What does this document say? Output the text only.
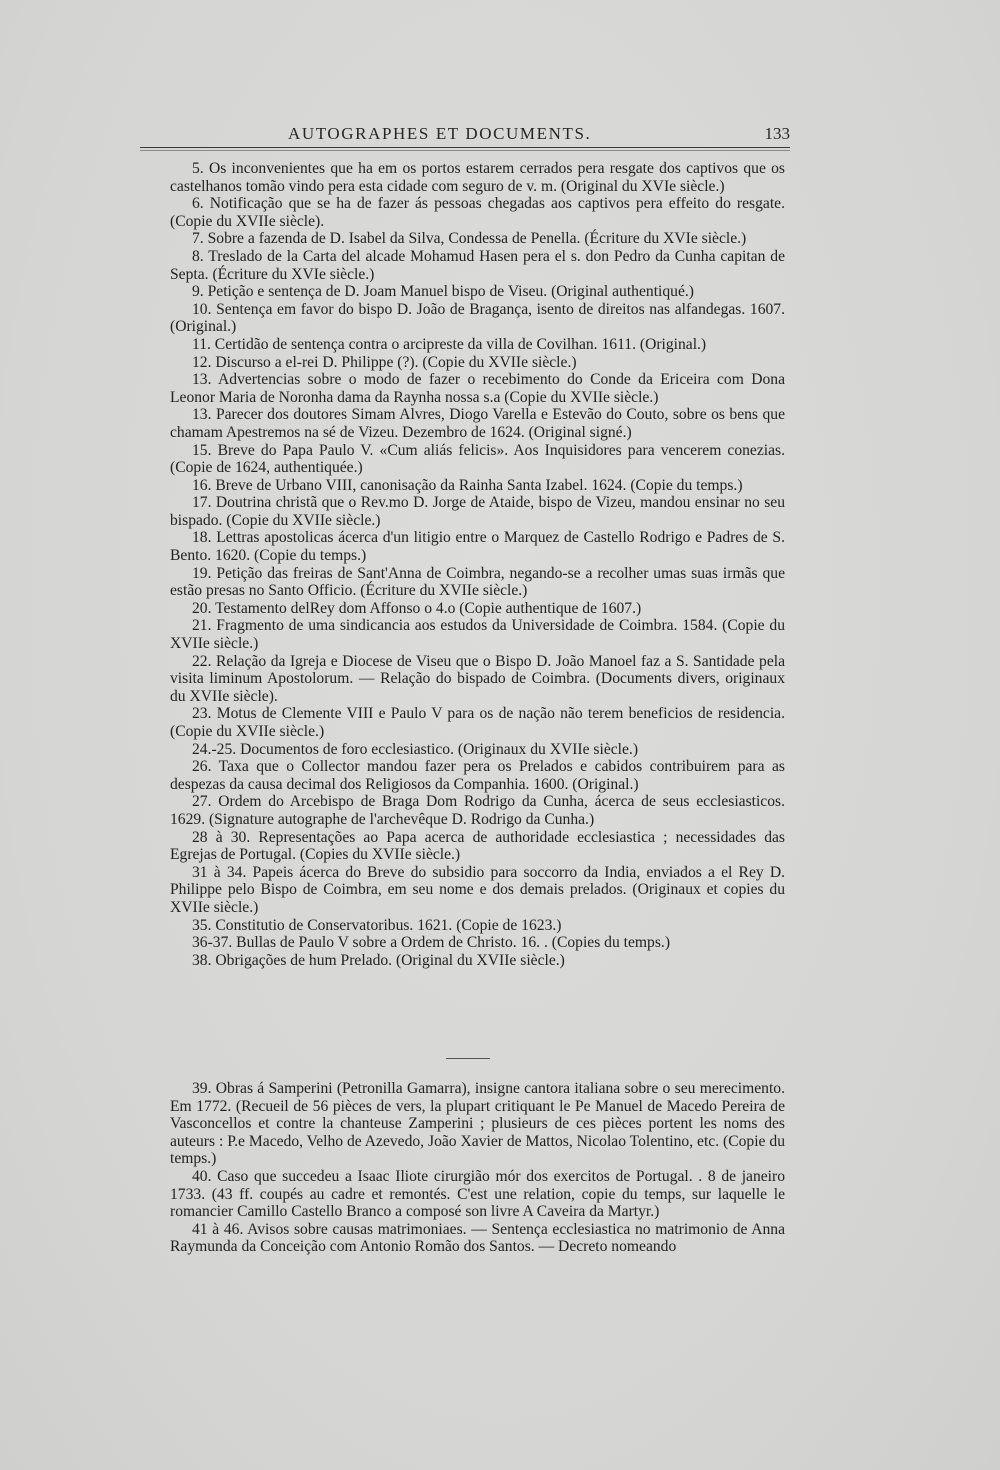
AUTOGRAPHES ET DOCUMENTS.	133

5. Os inconvenientes que ha em os portos estarem cerrados pera resgate dos captivos que os castelhanos tomão vindo pera esta cidade com seguro de v. m. (Original du XVIe siècle.)

6. Notificação que se ha de fazer ás pessoas chegadas aos captivos pera effeito do resgate. (Copie du XVIIe siècle).

7. Sobre a fazenda de D. Isabel da Silva, Condessa de Penella. (Écriture du XVIe siècle.)

8. Treslado de la Carta del alcade Mohamud Hasen pera el s. don Pedro da Cunha capitan de Septa. (Écriture du XVIe siècle.)

9. Petição e sentença de D. Joam Manuel bispo de Viseu. (Original authentiqué.)

10. Sentença em favor do bispo D. João de Bragança, isento de direitos nas alfandegas. 1607. (Original.)

11. Certidão de sentença contra o arcipreste da villa de Covilhan. 1611. (Original.)

12. Discurso a el-rei D. Philippe (?). (Copie du XVIIe siècle.)

13. Advertencias sobre o modo de fazer o recebimento do Conde da Ericeira com Dona Leonor Maria de Noronha dama da Raynha nossa s.a (Copie du XVIIe siècle.)

13. Parecer dos doutores Simam Alvres, Diogo Varella e Estevão do Couto, sobre os bens que chamam Apestremos na sé de Vizeu. Dezembro de 1624. (Original signé.)

15. Breve do Papa Paulo V. «Cum aliás felicis». Aos Inquisidores para vencerem conezias. (Copie de 1624, authentiquée.)

16. Breve de Urbano VIII, canonisação da Rainha Santa Izabel. 1624. (Copie du temps.)

17. Doutrina christã que o Rev.mo D. Jorge de Ataide, bispo de Vizeu, mandou ensinar no seu bispado. (Copie du XVIIe siècle.)

18. Lettras apostolicas ácerca d'un litigio entre o Marquez de Castello Rodrigo e Padres de S. Bento. 1620. (Copie du temps.)

19. Petição das freiras de Sant'Anna de Coimbra, negando-se a recolher umas suas irmãs que estão presas no Santo Officio. (Écriture du XVIIe siècle.)

20. Testamento delRey dom Affonso o 4.o (Copie authentique de 1607.)

21. Fragmento de uma sindicancia aos estudos da Universidade de Coimbra. 1584. (Copie du XVIIe siècle.)

22. Relação da Igreja e Diocese de Viseu que o Bispo D. João Manoel faz a S. Santidade pela visita liminum Apostolorum. — Relação do bispado de Coimbra. (Documents divers, originaux du XVIIe siècle).

23. Motus de Clemente VIII e Paulo V para os de nação não terem beneficios de residencia. (Copie du XVIIe siècle.)

24.-25. Documentos de foro ecclesiastico. (Originaux du XVIIe siècle.)

26. Taxa que o Collector mandou fazer pera os Prelados e cabidos contribuirem para as despezas da causa decimal dos Religiosos da Companhia. 1600. (Original.)

27. Ordem do Arcebispo de Braga Dom Rodrigo da Cunha, ácerca de seus ecclesiasticos. 1629. (Signature autographe de l'archevêque D. Rodrigo da Cunha.)

28 à 30. Representações ao Papa acerca de authoridade ecclesiastica ; necessidades das Egrejas de Portugal. (Copies du XVIIe siècle.)

31 à 34. Papeis ácerca do Breve do subsidio para soccorro da India, enviados a el Rey D. Philippe pelo Bispo de Coimbra, em seu nome e dos demais prelados. (Originaux et copies du XVIIe siècle.)

35. Constitutio de Conservatoribus. 1621. (Copie de 1623.)

36-37. Bullas de Paulo V sobre a Ordem de Christo. 16. . (Copies du temps.)

38. Obrigações de hum Prelado. (Original du XVIIe siècle.)

39. Obras á Samperini (Petronilla Gamarra), insigne cantora italiana sobre o seu merecimento. Em 1772. (Recueil de 56 pièces de vers, la plupart critiquant le Pe Manuel de Macedo Pereira de Vasconcellos et contre la chanteuse Zamperini ; plusieurs de ces pièces portent les noms des auteurs : P.e Macedo, Velho de Azevedo, João Xavier de Mattos, Nicolao Tolentino, etc. (Copie du temps.)

40. Caso que succedeu a Isaac Iliote cirurgião mór dos exercitos de Portugal. . 8 de janeiro 1733. (43 ff. coupés au cadre et remontés. C'est une relation, copie du temps, sur laquelle le romancier Camillo Castello Branco a composé son livre A Caveira da Martyr.)

41 à 46. Avisos sobre causas matrimoniaes. — Sentença ecclesiastica no matrimonio de Anna Raymunda da Conceição com Antonio Romão dos Santos. — Decreto nomeando
